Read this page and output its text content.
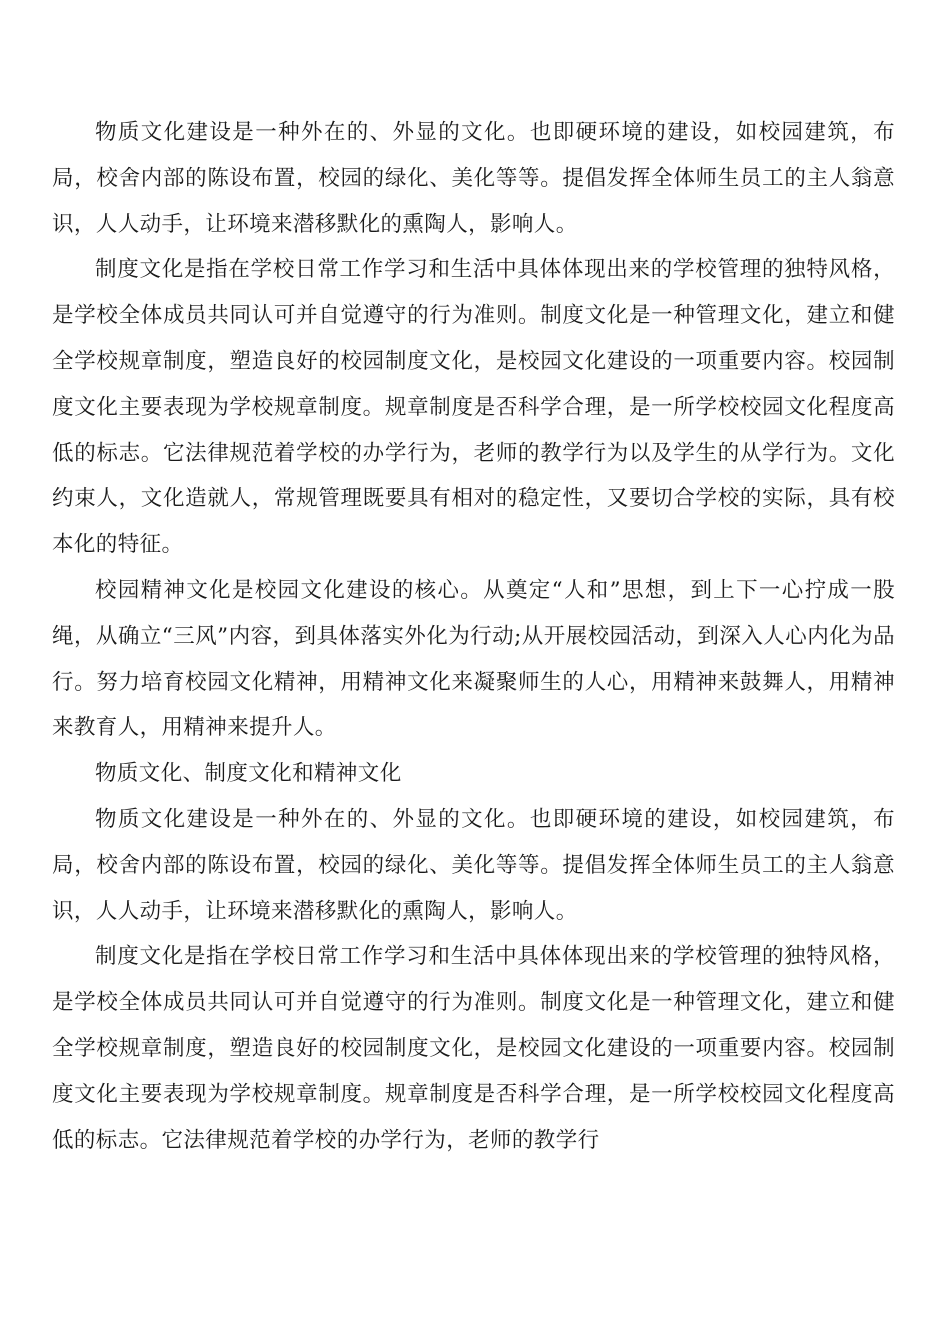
物质文化建设是一种外在的、外显的文化。也即硬环境的建设，如校园建筑，布局，校舍内部的陈设布置，校园的绿化、美化等等。提倡发挥全体师生员工的主人翁意识，人人动手，让环境来潜移默化的熏陶人，影响人。

制度文化是指在学校日常工作学习和生活中具体体现出来的学校管理的独特风格，是学校全体成员共同认可并自觉遵守的行为准则。制度文化是一种管理文化，建立和健全学校规章制度，塑造良好的校园制度文化，是校园文化建设的一项重要内容。校园制度文化主要表现为学校规章制度。规章制度是否科学合理，是一所学校校园文化程度高低的标志。它法律规范着学校的办学行为，老师的教学行为以及学生的从学行为。文化约束人，文化造就人，常规管理既要具有相对的稳定性，又要切合学校的实际，具有校本化的特征。

校园精神文化是校园文化建设的核心。从奠定“人和”思想，到上下一心拧成一股绳，从确立“三风”内容，到具体落实外化为行动;从开展校园活动，到深入人心内化为品行。努力培育校园文化精神，用精神文化来凝聚师生的人心，用精神来鼓舞人，用精神来教育人，用精神来提升人。

物质文化、制度文化和精神文化

物质文化建设是一种外在的、外显的文化。也即硬环境的建设，如校园建筑，布局，校舍内部的陈设布置，校园的绿化、美化等等。提倡发挥全体师生员工的主人翁意识，人人动手，让环境来潜移默化的熏陶人，影响人。

制度文化是指在学校日常工作学习和生活中具体体现出来的学校管理的独特风格，是学校全体成员共同认可并自觉遵守的行为准则。制度文化是一种管理文化，建立和健全学校规章制度，塑造良好的校园制度文化，是校园文化建设的一项重要内容。校园制度文化主要表现为学校规章制度。规章制度是否科学合理，是一所学校校园文化程度高低的标志。它法律规范着学校的办学行为，老师的教学行
